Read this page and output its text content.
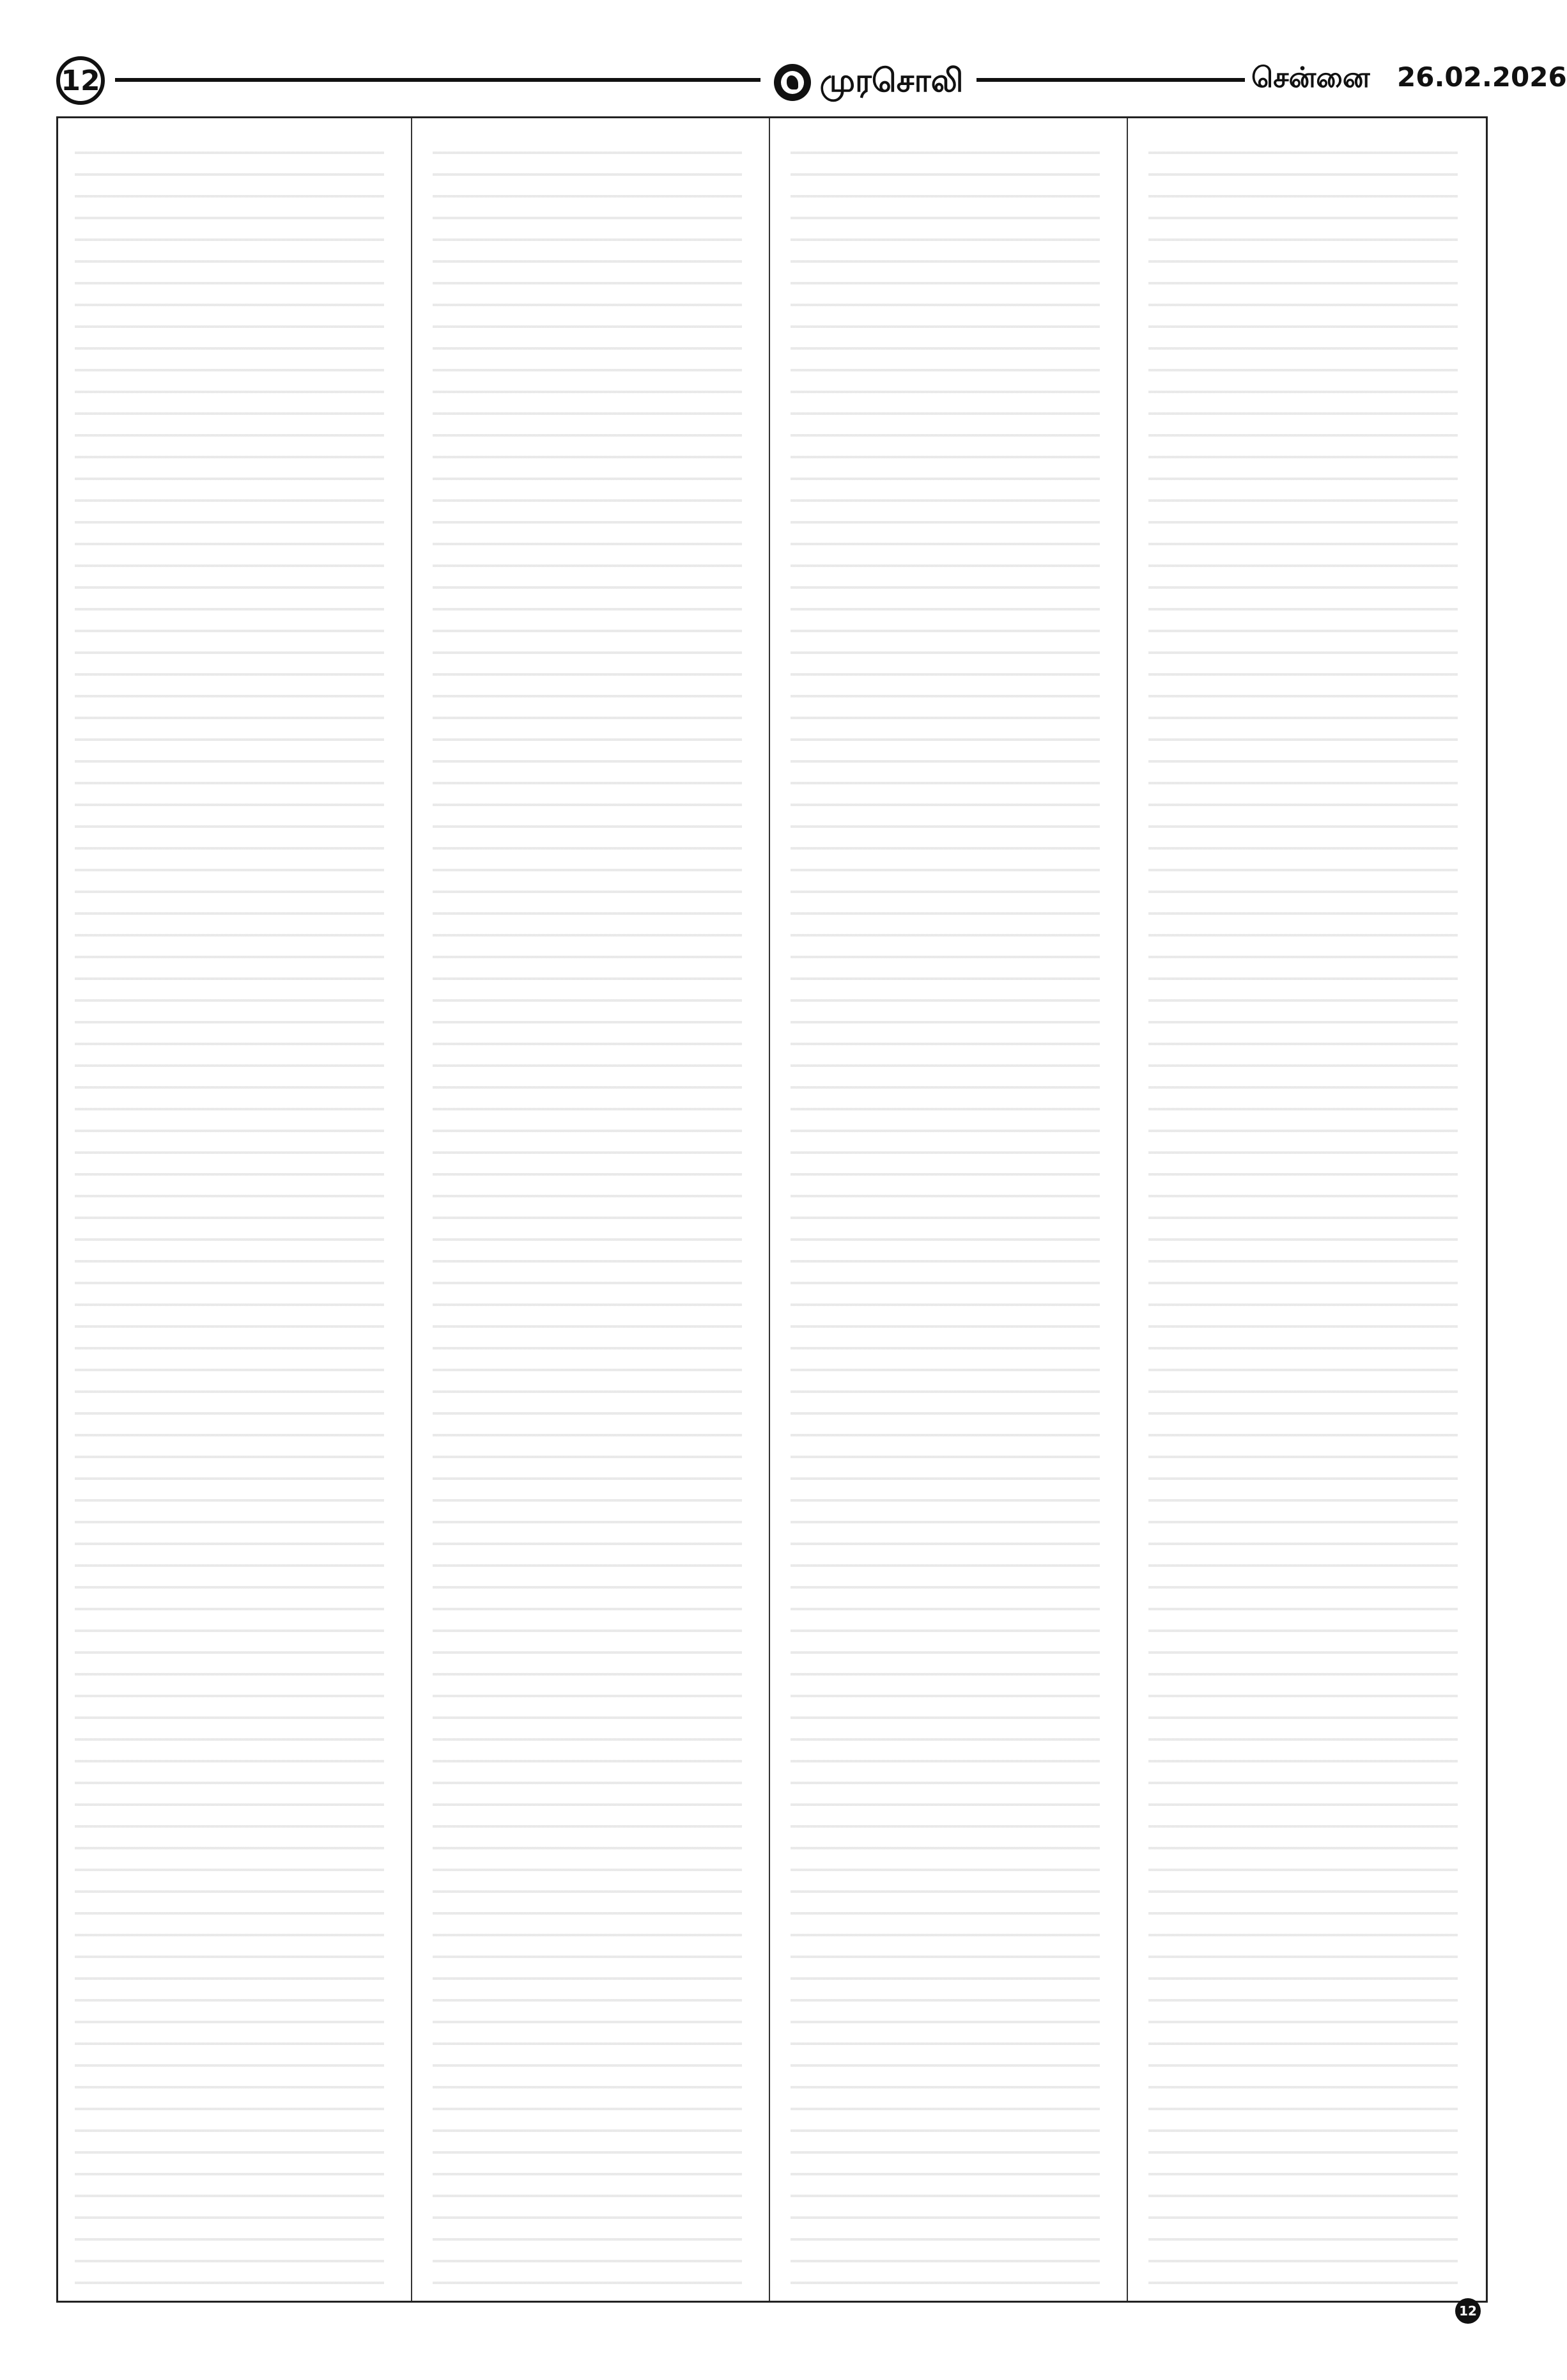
12	முரசொலி	சென்னை 26.02.2026
12
